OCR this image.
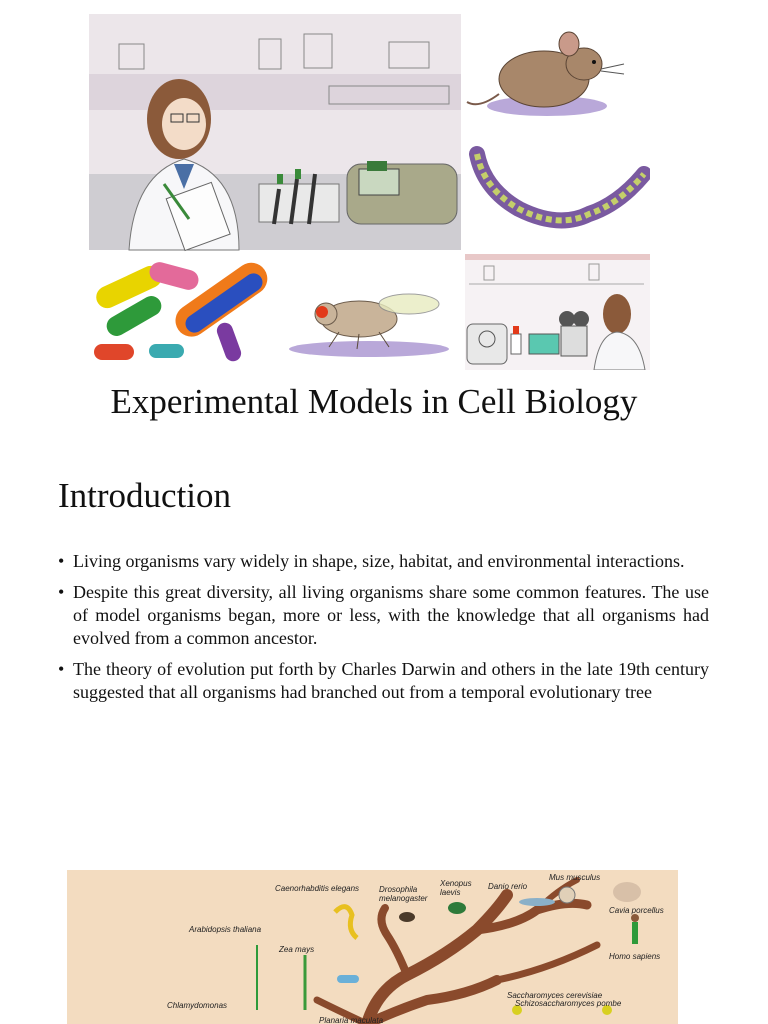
Experimental Models in Cell Biology
Introduction
• Living organisms vary widely in shape, size, habitat, and environmental interactions.
• Despite this great diversity, all living organisms share some common features. The use of model organisms began, more or less, with the knowledge that all organisms had evolved from a common ancestor.
• The theory of evolution put forth by Charles Darwin and others in the late 19th century suggested that all organisms had branched out from a temporal evolutionary tree
Caenorhabditis elegans Drosophila
melanogaster
Xenopus
laevis
Danio rerio
Mus musculus
Cavia porcellus
Arabidopsis thaliana
Zea mays
Homo sapiens
Chlamydomonas
Saccharomyces cerevisiae
Schizosaccharomyces pombe
Planaria maculata
